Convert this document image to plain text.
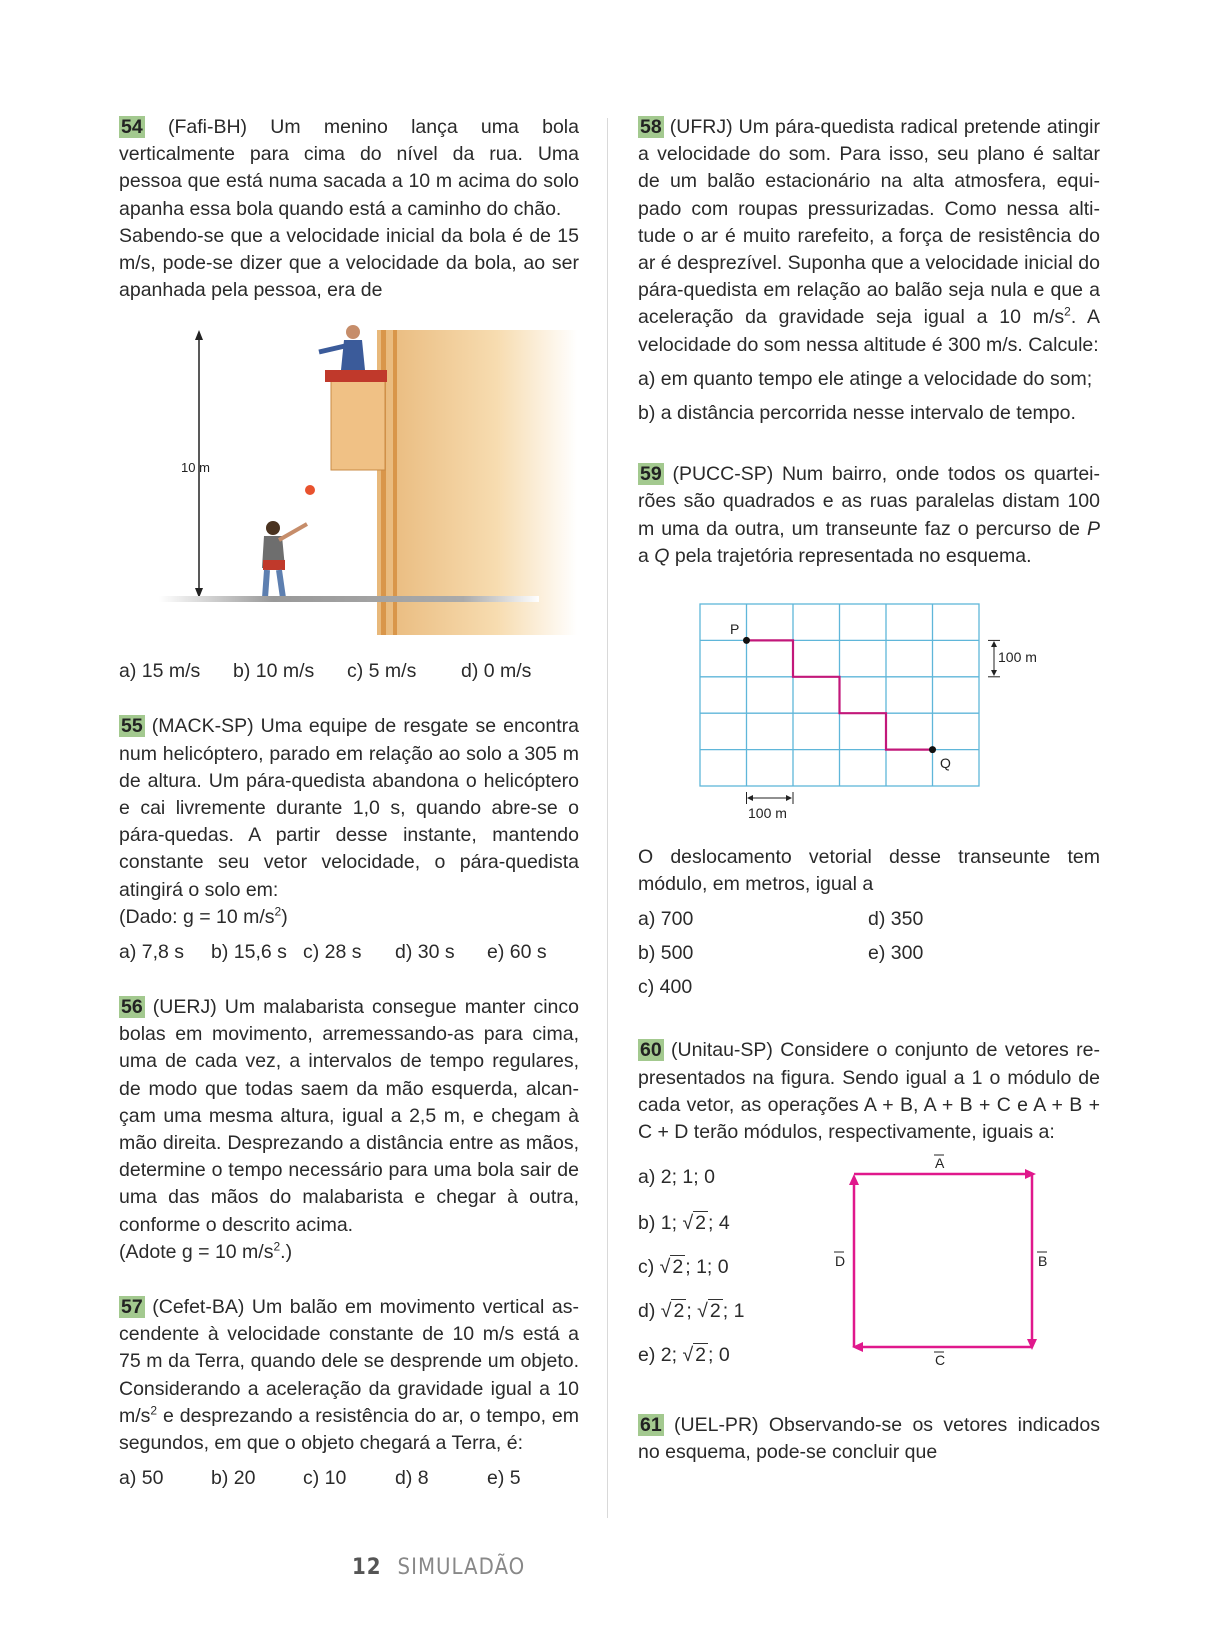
54 (Fafi-BH) Um menino lança uma bola verticalmente para cima do nível da rua. Uma pessoa que está numa sacada a 10 m acima do solo apanha essa bola quando está a caminho do chão.

Sabendo-se que a velocidade inicial da bola é de 15 m/s, pode-se dizer que a velocidade da bola, ao ser apanhada pela pessoa, era de

10 m
a) 15 m/s b) 10 m/s c) 5 m/s d) 0 m/s

55 (MACK-SP) Uma equipe de resgate se encontra num helicóptero, parado em relação ao solo a 305 m de altura. Um pára-quedista abandona o helicóptero e cai livremente durante 1,0 s, quando abre-se o pára-quedas. A partir desse instante, mantendo constante seu vetor velocidade, o pára-quedista atingirá o solo em:

(Dado: g = 10 $m/s^2$)

a) 7,8 s b) 15,6 s c) 28 s d) 30 s e) 60 s

56 (UERJ) Um malabarista consegue manter cinco bolas em movimento, arremessando-as para cima, uma de cada vez, a intervalos de tempo regulares, de modo que todas saem da mão esquerda, alcançam uma mesma altura, igual a 2,5 m, e chegam à mão direita. Desprezando a distância entre as mãos, determine o tempo necessário para uma bola sair de uma das mãos do malabarista e chegar à outra, conforme o descrito acima.

(Adote g = 10 $m/s^2$.)

57 (Cefet-BA) Um balão em movimento vertical ascendente à velocidade constante de 10 m/s está a 75 m da Terra, quando dele se desprende um objeto. Considerando a aceleração da gravidade igual a 10 $m/s^2$ e desprezando a resistência do ar, o tempo, em segundos, em que o objeto chegará a Terra, é:

a) 50 b) 20 c) 10 d) 8	e) 5

58 (UFRJ) Um pára-quedista radical pretende atingir a velocidade do som. Para isso, seu plano é saltar de um balão estacionário na alta atmosfera, equipado com roupas pressurizadas. Como nessa altitude o ar é muito rarefeito, a força de resistência do ar é desprezível. Suponha que a velocidade inicial do pára-quedista em relação ao balão seja nula e que a aceleração da gravidade seja igual a 10 $m/s^2$. A velocidade do som nessa altitude é 300 m/s. Calcule:

a) em quanto tempo ele atinge a velocidade do som;

b) a distância percorrida nesse intervalo de tempo.

59 (PUCC-SP) Num bairro, onde todos os quarteirões são quadrados e as ruas paralelas distam 100 m uma da outra, um transeunte faz o percurso de P a Q pela trajetória representada no esquema.

P
Q
100 m
100 m

O deslocamento vetorial desse transeunte tem módulo, em metros, igual a

a) 700	d) 350
b) 500	e) 300
c) 400

60 (Unitau-SP) Considere o conjunto de vetores representados na figura. Sendo igual a 1 o módulo de cada vetor, as operações A + B, A + B + C e A + B + C + D terão módulos, respectivamente, iguais a:

a) 2; 1; 0
b) 1; √ 2 ; 4
c) √ 2 ; 1; 0
d) √ 2 ; √ 2 ; 1
e) 2; √ 2 ; 0
A
B
C
D

61 (UEL-PR) Observando-se os vetores indicados no esquema, pode-se concluir que

12 SIMULADÃO
